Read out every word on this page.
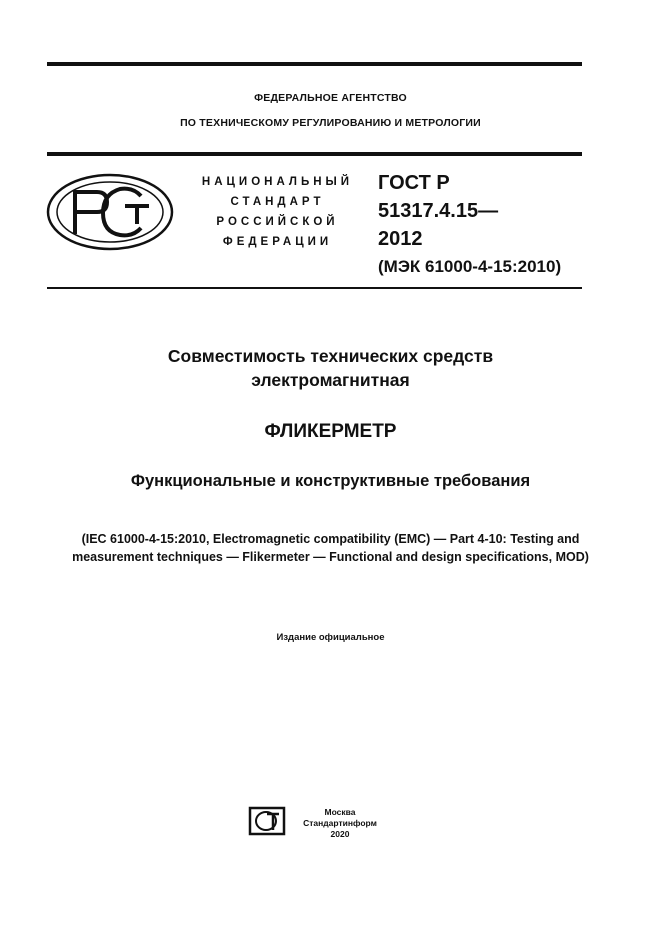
ФЕДЕРАЛЬНОЕ АГЕНТСТВО
ПО ТЕХНИЧЕСКОМУ РЕГУЛИРОВАНИЮ И МЕТРОЛОГИИ
НАЦИОНАЛЬНЫЙ
СТАНДАРТ
РОССИЙСКОЙ
ФЕДЕРАЦИИ
ГОСТ Р
51317.4.15—
2012
(МЭК 61000-4-15:2010)
Совместимость технических средств
электромагнитная
ФЛИКЕРМЕТР
Функциональные и конструктивные требования
(IEC 61000-4-15:2010, Electromagnetic compatibility (EMC) — Part 4-10: Testing and
measurement techniques — Flikermeter — Functional and design specifications, MOD)
Издание официальное
Москва
Стандартинформ
2020
